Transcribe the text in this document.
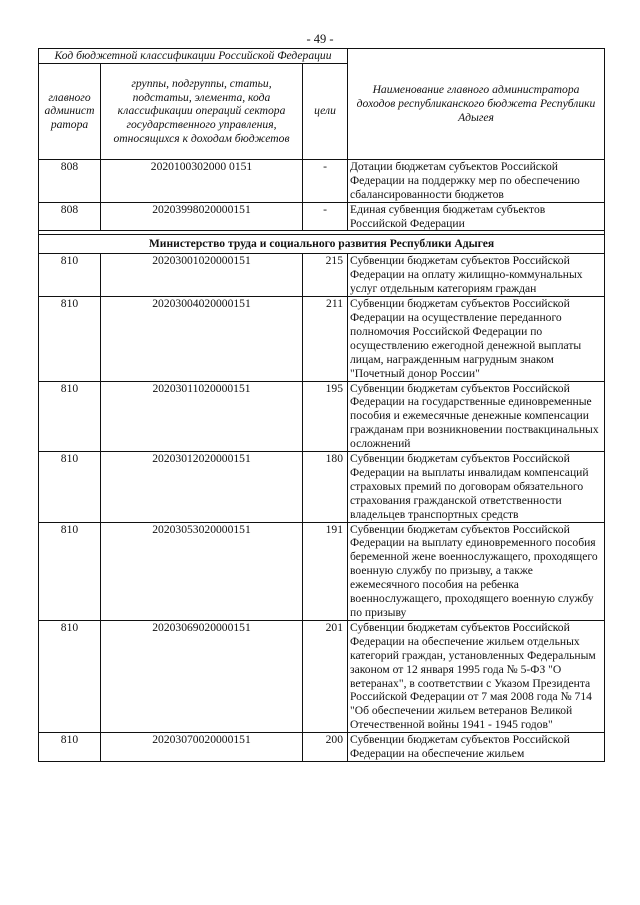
- 49 -
Код бюджетной классификации Российской Федерации			Наименование главного администратора доходов республиканского бюджета Республики Адыгея
главного админист ратора	группы, подгруппы, статьи, подстатьи, элемента, кода классификации операций сектора государственного управления, относящихся к доходам бюджетов	цели	
808	2020100302000 0151	-	Дотации бюджетам субъектов Российской Федерации на поддержку мер по обеспечению сбалансированности бюджетов
808	20203998020000151	-	Единая субвенция бюджетам субъектов Российской Федерации

Министерство труда и социального развития Республики Адыгея			
810	20203001020000151	215	Субвенции бюджетам субъектов Российской Федерации на оплату жилищно-коммунальных услуг отдельным категориям граждан
810	20203004020000151	211	Субвенции бюджетам субъектов Российской Федерации на осуществление переданного полномочия Российской Федерации по осуществлению ежегодной денежной выплаты лицам, награжденным нагрудным знаком "Почетный донор России"
810	20203011020000151	195	Субвенции бюджетам субъектов Российской Федерации на государственные единовременные пособия и ежемесячные денежные компенсации гражданам при возникновении поствакцинальных осложнений
810	20203012020000151	180	Субвенции бюджетам субъектов Российской Федерации на выплаты инвалидам компенсаций страховых премий по договорам обязательного страхования гражданской ответственности владельцев транспортных средств
810	20203053020000151	191	Субвенции бюджетам субъектов Российской Федерации на выплату единовременного пособия беременной жене военнослужащего, проходящего военную службу по призыву, а также ежемесячного пособия на ребенка военнослужащего, проходящего военную службу по призыву
810	20203069020000151	201	Субвенции бюджетам субъектов Российской Федерации на обеспечение жильем отдельных категорий граждан, установленных Федеральным законом от 12 января 1995 года № 5-ФЗ "О ветеранах", в соответствии с Указом Президента Российской Федерации от 7 мая 2008 года № 714 "Об обеспечении жильем ветеранов Великой Отечественной войны 1941 - 1945 годов"
810	20203070020000151	200	Субвенции бюджетам субъектов Российской Федерации на обеспечение жильем
